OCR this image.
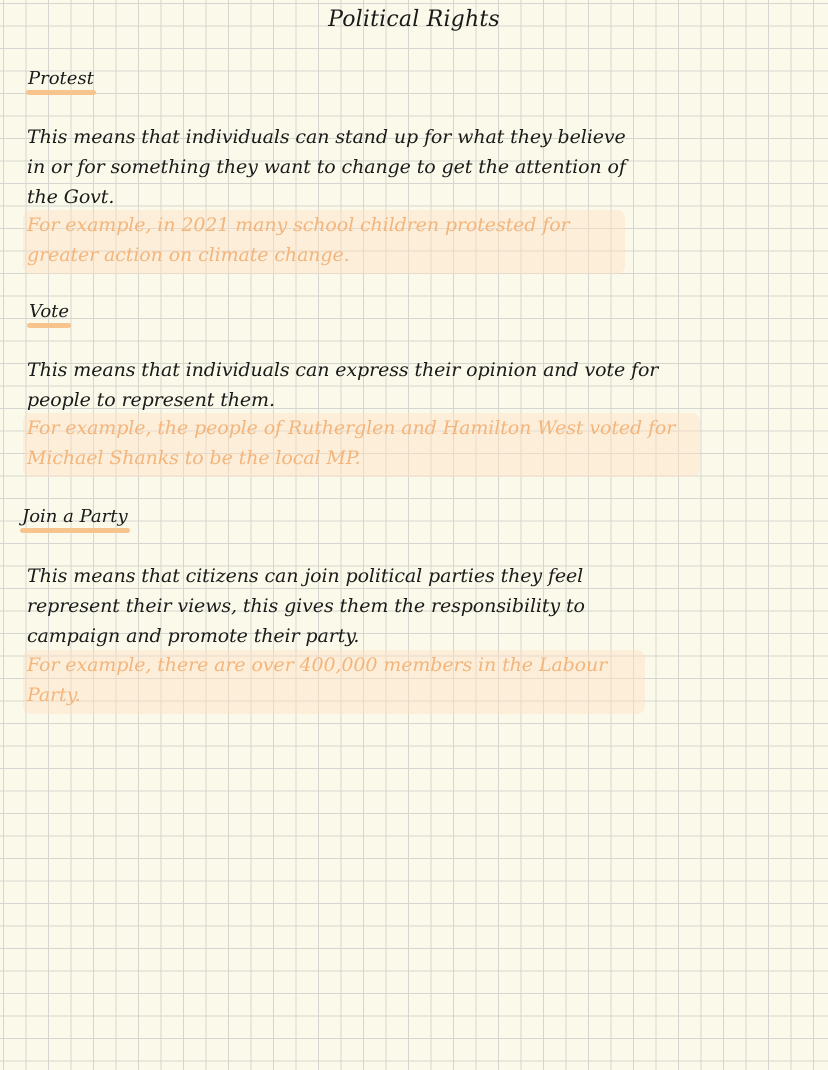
Political Rights
Protest

This means that individuals can stand up for what they believe in or for something they want to change to get the attention of the Govt.

For example, in 2021 many school children protested for greater action on climate change.

Vote

This means that individuals can express their opinion and vote for people to represent them.

For example, the people of Rutherglen and Hamilton West voted for Michael Shanks to be the local MP.

Join a Party

This means that citizens can join political parties they feel represent their views, this gives them the responsibility to campaign and promote their party.

For example, there are over 400,000 members in the Labour Party.
